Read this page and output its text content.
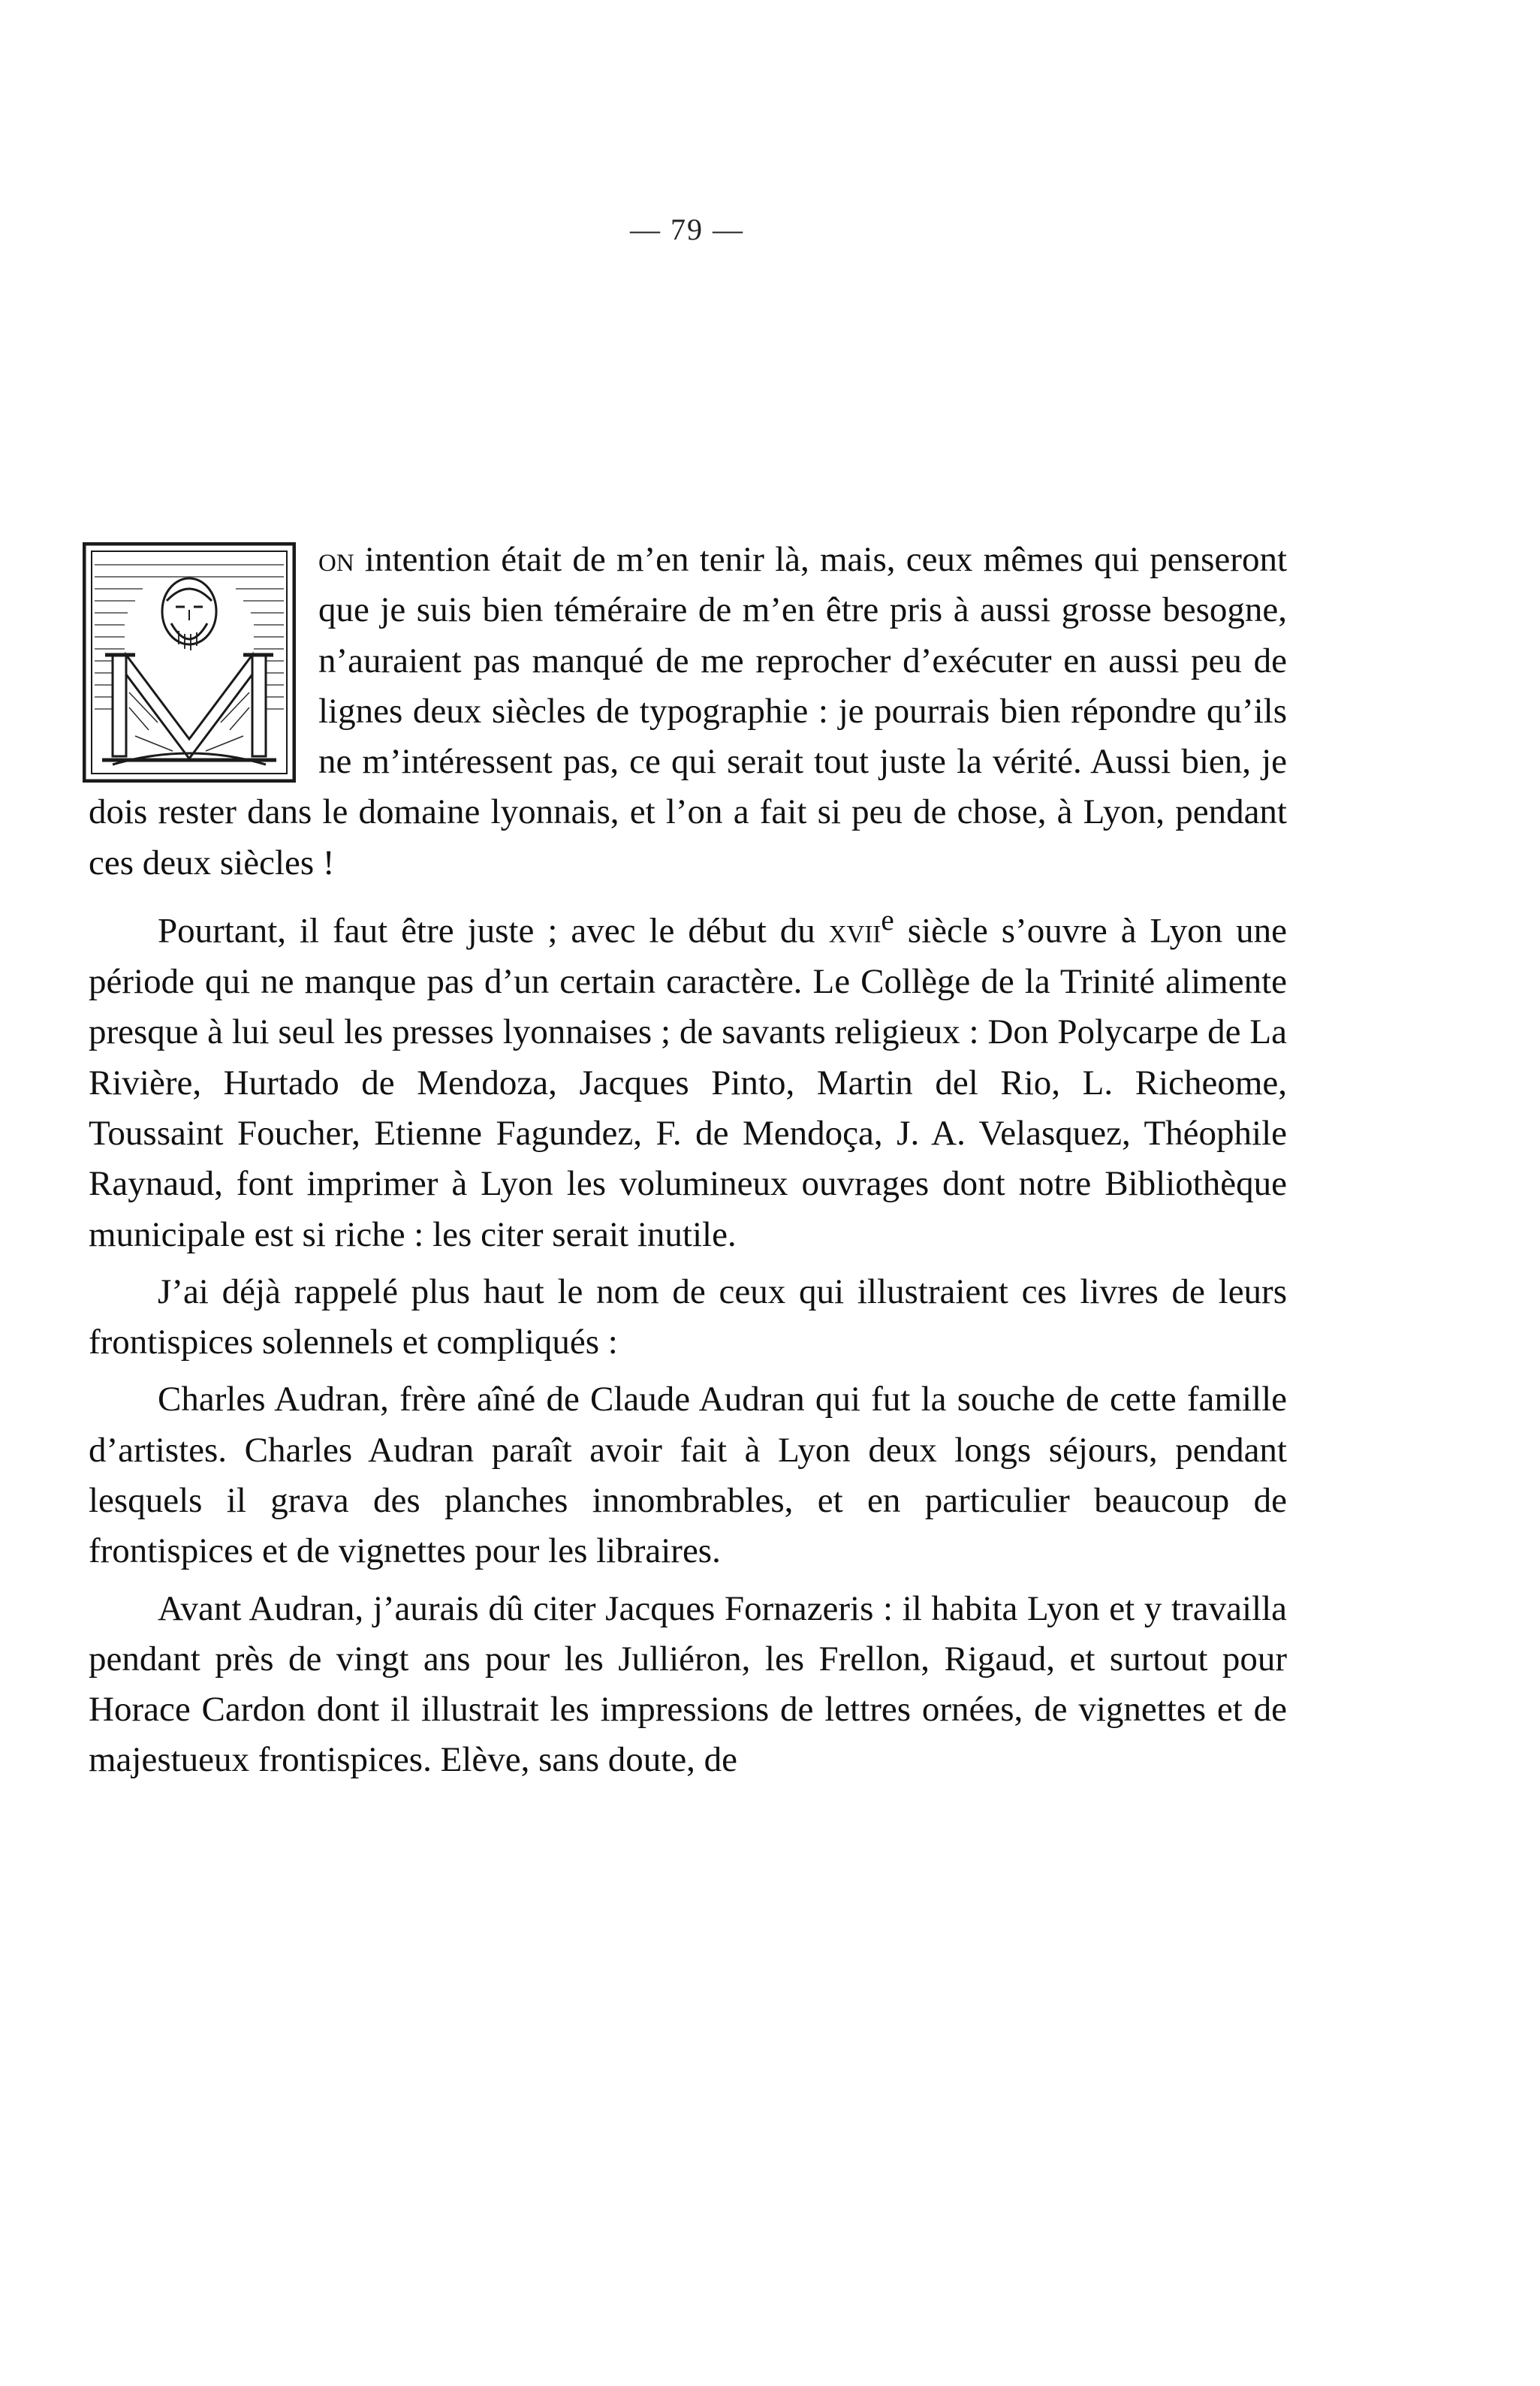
— 79 —

on intention était de m’en tenir là, mais, ceux mêmes qui penseront que je suis bien téméraire de m’en être pris à aussi grosse besogne, n’auraient pas manqué de me reprocher d’exécuter en aussi peu de lignes deux siècles de typographie : je pourrais bien répondre qu’ils ne m’intéressent pas, ce qui serait tout juste la vérité. Aussi bien, je dois rester dans le domaine lyonnais, et l’on a fait si peu de chose, à Lyon, pendant ces deux siècles !

Pourtant, il faut être juste ; avec le début du xvii$^e$ siècle s’ouvre à Lyon une période qui ne manque pas d’un certain caractère. Le Collège de la Trinité alimente presque à lui seul les presses lyonnaises ; de savants religieux : Don Polycarpe de La Rivière, Hurtado de Mendoza, Jacques Pinto, Martin del Rio, L. Richeome, Toussaint Foucher, Etienne Fagundez, F. de Mendoça, J. A. Velasquez, Théophile Raynaud, font imprimer à Lyon les volumineux ouvrages dont notre Bibliothèque municipale est si riche : les citer serait inutile.

J’ai déjà rappelé plus haut le nom de ceux qui illustraient ces livres de leurs frontispices solennels et compliqués :

Charles Audran, frère aîné de Claude Audran qui fut la souche de cette famille d’artistes. Charles Audran paraît avoir fait à Lyon deux longs séjours, pendant lesquels il grava des planches innombrables, et en particulier beaucoup de frontispices et de vignettes pour les libraires.

Avant Audran, j’aurais dû citer Jacques Fornazeris : il habita Lyon et y travailla pendant près de vingt ans pour les Julliéron, les Frellon, Rigaud, et surtout pour Horace Cardon dont il illustrait les impressions de lettres ornées, de vignettes et de majestueux frontispices. Elève, sans doute, de
